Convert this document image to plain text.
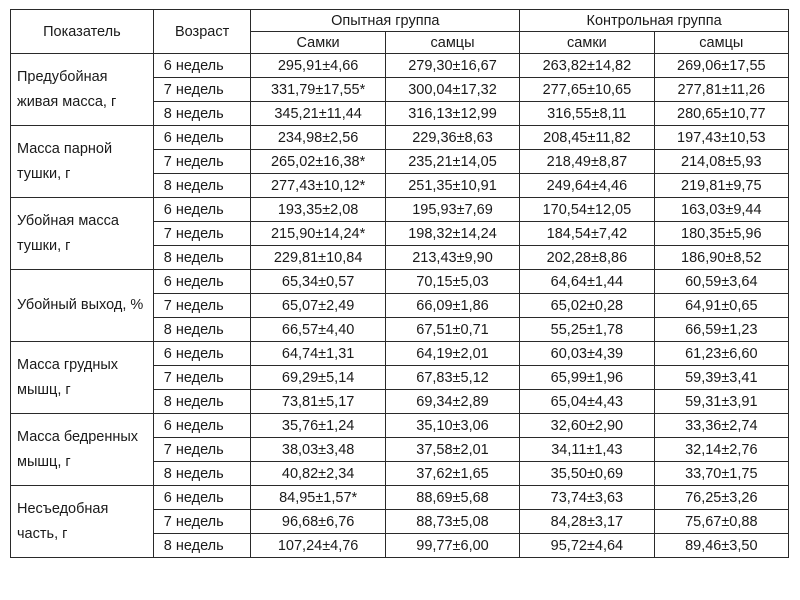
Показатель	Возраст	Опытная группа		Контрольная группа	
		Самки	самцы	самки	самцы
Предубойная живая масса, г	6 недель	295,91±4,66	279,30±16,67	263,82±14,82	269,06±17,55
	7 недель	331,79±17,55*	300,04±17,32	277,65±10,65	277,81±11,26
	8 недель	345,21±11,44	316,13±12,99	316,55±8,11	280,65±10,77
Масса парной тушки, г	6 недель	234,98±2,56	229,36±8,63	208,45±11,82	197,43±10,53
	7 недель	265,02±16,38*	235,21±14,05	218,49±8,87	214,08±5,93
	8 недель	277,43±10,12*	251,35±10,91	249,64±4,46	219,81±9,75
Убойная масса тушки, г	6 недель	193,35±2,08	195,93±7,69	170,54±12,05	163,03±9,44
	7 недель	215,90±14,24*	198,32±14,24	184,54±7,42	180,35±5,96
	8 недель	229,81±10,84	213,43±9,90	202,28±8,86	186,90±8,52
Убойный выход, %	6 недель	65,34±0,57	70,15±5,03	64,64±1,44	60,59±3,64
	7 недель	65,07±2,49	66,09±1,86	65,02±0,28	64,91±0,65
	8 недель	66,57±4,40	67,51±0,71	55,25±1,78	66,59±1,23
Масса грудных мышц, г	6 недель	64,74±1,31	64,19±2,01	60,03±4,39	61,23±6,60
	7 недель	69,29±5,14	67,83±5,12	65,99±1,96	59,39±3,41
	8 недель	73,81±5,17	69,34±2,89	65,04±4,43	59,31±3,91
Масса бедренных мышц, г	6 недель	35,76±1,24	35,10±3,06	32,60±2,90	33,36±2,74
	7 недель	38,03±3,48	37,58±2,01	34,11±1,43	32,14±2,76
	8 недель	40,82±2,34	37,62±1,65	35,50±0,69	33,70±1,75
Несъедобная часть, г	6 недель	84,95±1,57*	88,69±5,68	73,74±3,63	76,25±3,26
	7 недель	96,68±6,76	88,73±5,08	84,28±3,17	75,67±0,88
	8 недель	107,24±4,76	99,77±6,00	95,72±4,64	89,46±3,50
